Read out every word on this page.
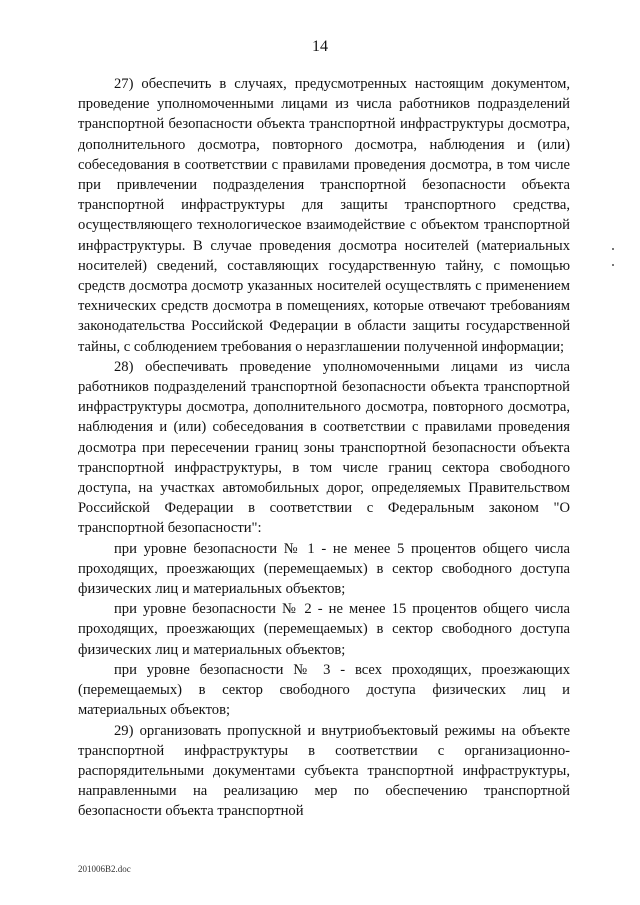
14

27) обеспечить в случаях, предусмотренных настоящим документом, проведение уполномоченными лицами из числа работников подразделений транспортной безопасности объекта транспортной инфраструктуры досмотра, дополнительного досмотра, повторного досмотра, наблюдения и (или) собеседования в соответствии с правилами проведения досмотра, в том числе при привлечении подразделения транспортной безопасности объекта транспортной инфраструктуры для защиты транспортного средства, осуществляющего технологическое взаимодействие с объектом транспортной инфраструктуры. В случае проведения досмотра носителей (материальных носителей) сведений, составляющих государственную тайну, с помощью средств досмотра досмотр указанных носителей осуществлять с применением технических средств досмотра в помещениях, которые отвечают требованиям законодательства Российской Федерации в области защиты государственной тайны, с соблюдением требования о неразглашении полученной информации;

28) обеспечивать проведение уполномоченными лицами из числа работников подразделений транспортной безопасности объекта транспортной инфраструктуры досмотра, дополнительного досмотра, повторного досмотра, наблюдения и (или) собеседования в соответствии с правилами проведения досмотра при пересечении границ зоны транспортной безопасности объекта транспортной инфраструктуры, в том числе границ сектора свободного доступа, на участках автомобильных дорог, определяемых Правительством Российской Федерации в соответствии с Федеральным законом "О транспортной безопасности":

при уровне безопасности № 1 - не менее 5 процентов общего числа проходящих, проезжающих (перемещаемых) в сектор свободного доступа физических лиц и материальных объектов;

при уровне безопасности № 2 - не менее 15 процентов общего числа проходящих, проезжающих (перемещаемых) в сектор свободного доступа физических лиц и материальных объектов;

при уровне безопасности № 3 - всех проходящих, проезжающих (перемещаемых) в сектор свободного доступа физических лиц и материальных объектов;

29) организовать пропускной и внутриобъектовый режимы на объекте транспортной инфраструктуры в соответствии с организационно-распорядительными документами субъекта транспортной инфраструктуры, направленными на реализацию мер по обеспечению транспортной безопасности объекта транспортной

201006B2.doc
